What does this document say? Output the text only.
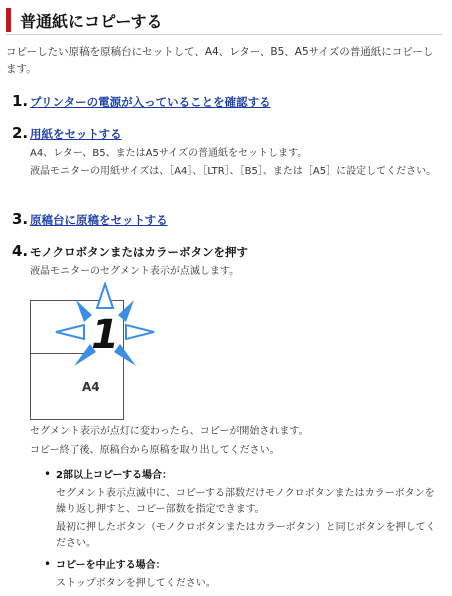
普通紙にコピーする
コピーしたい原稿を原稿台にセットして、A4、レター、B5、A5サイズの普通紙にコピーします。
1. プリンターの電源が入っていることを確認する
2. 用紙をセットする
A4、レター、B5、またはA5サイズの普通紙をセットします。
液晶モニターの用紙サイズは、［A4］、［LTR］、［B5］、または［A5］に設定してください。
3. 原稿台に原稿をセットする
4. モノクロボタンまたはカラーボタンを押す
液晶モニターのセグメント表示が点滅します。
A4
1
セグメント表示が点灯に変わったら、コピーが開始されます。
コピー終了後、原稿台から原稿を取り出してください。
• 2部以上コピーする場合：
セグメント表示点滅中に、コピーする部数だけモノクロボタンまたはカラーボタンを繰り返し押すと、コピー部数を指定できます。
最初に押したボタン（モノクロボタンまたはカラーボタン）と同じボタンを押してください。
• コピーを中止する場合：
ストップボタンを押してください。
